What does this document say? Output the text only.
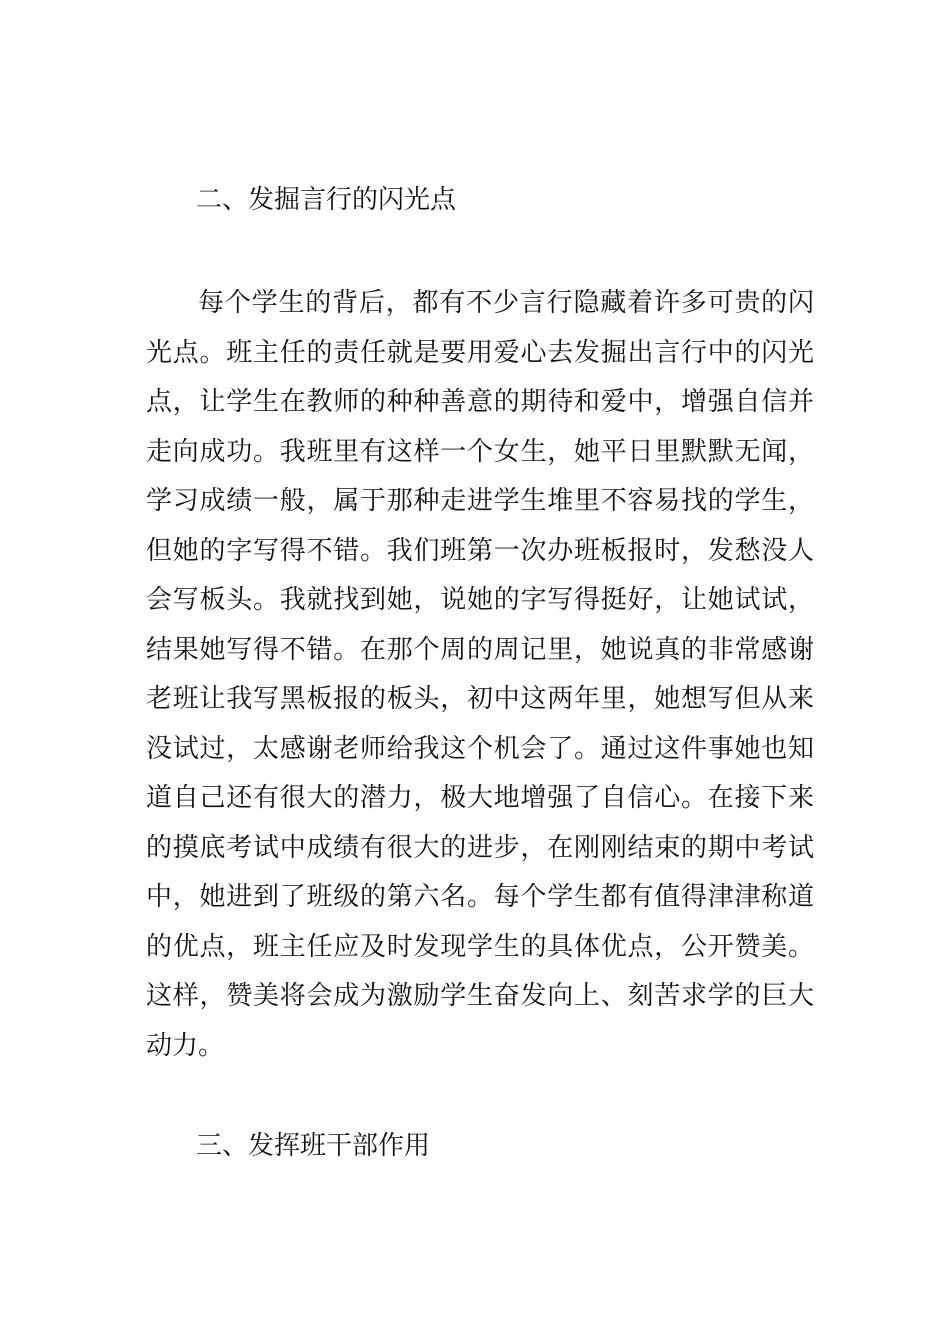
二、发掘言行的闪光点
每个学生的背后，都有不少言行隐藏着许多可贵的闪
光点。班主任的责任就是要用爱心去发掘出言行中的闪光
点，让学生在教师的种种善意的期待和爱中，增强自信并
走向成功。我班里有这样一个女生，她平日里默默无闻，
学习成绩一般，属于那种走进学生堆里不容易找的学生，
但她的字写得不错。我们班第一次办班板报时，发愁没人
会写板头。我就找到她，说她的字写得挺好，让她试试，
结果她写得不错。在那个周的周记里，她说真的非常感谢
老班让我写黑板报的板头，初中这两年里，她想写但从来
没试过，太感谢老师给我这个机会了。通过这件事她也知
道自己还有很大的潜力，极大地增强了自信心。在接下来
的摸底考试中成绩有很大的进步，在刚刚结束的期中考试
中，她进到了班级的第六名。每个学生都有值得津津称道
的优点，班主任应及时发现学生的具体优点，公开赞美。
这样，赞美将会成为激励学生奋发向上、刻苦求学的巨大
动力。
三、发挥班干部作用
